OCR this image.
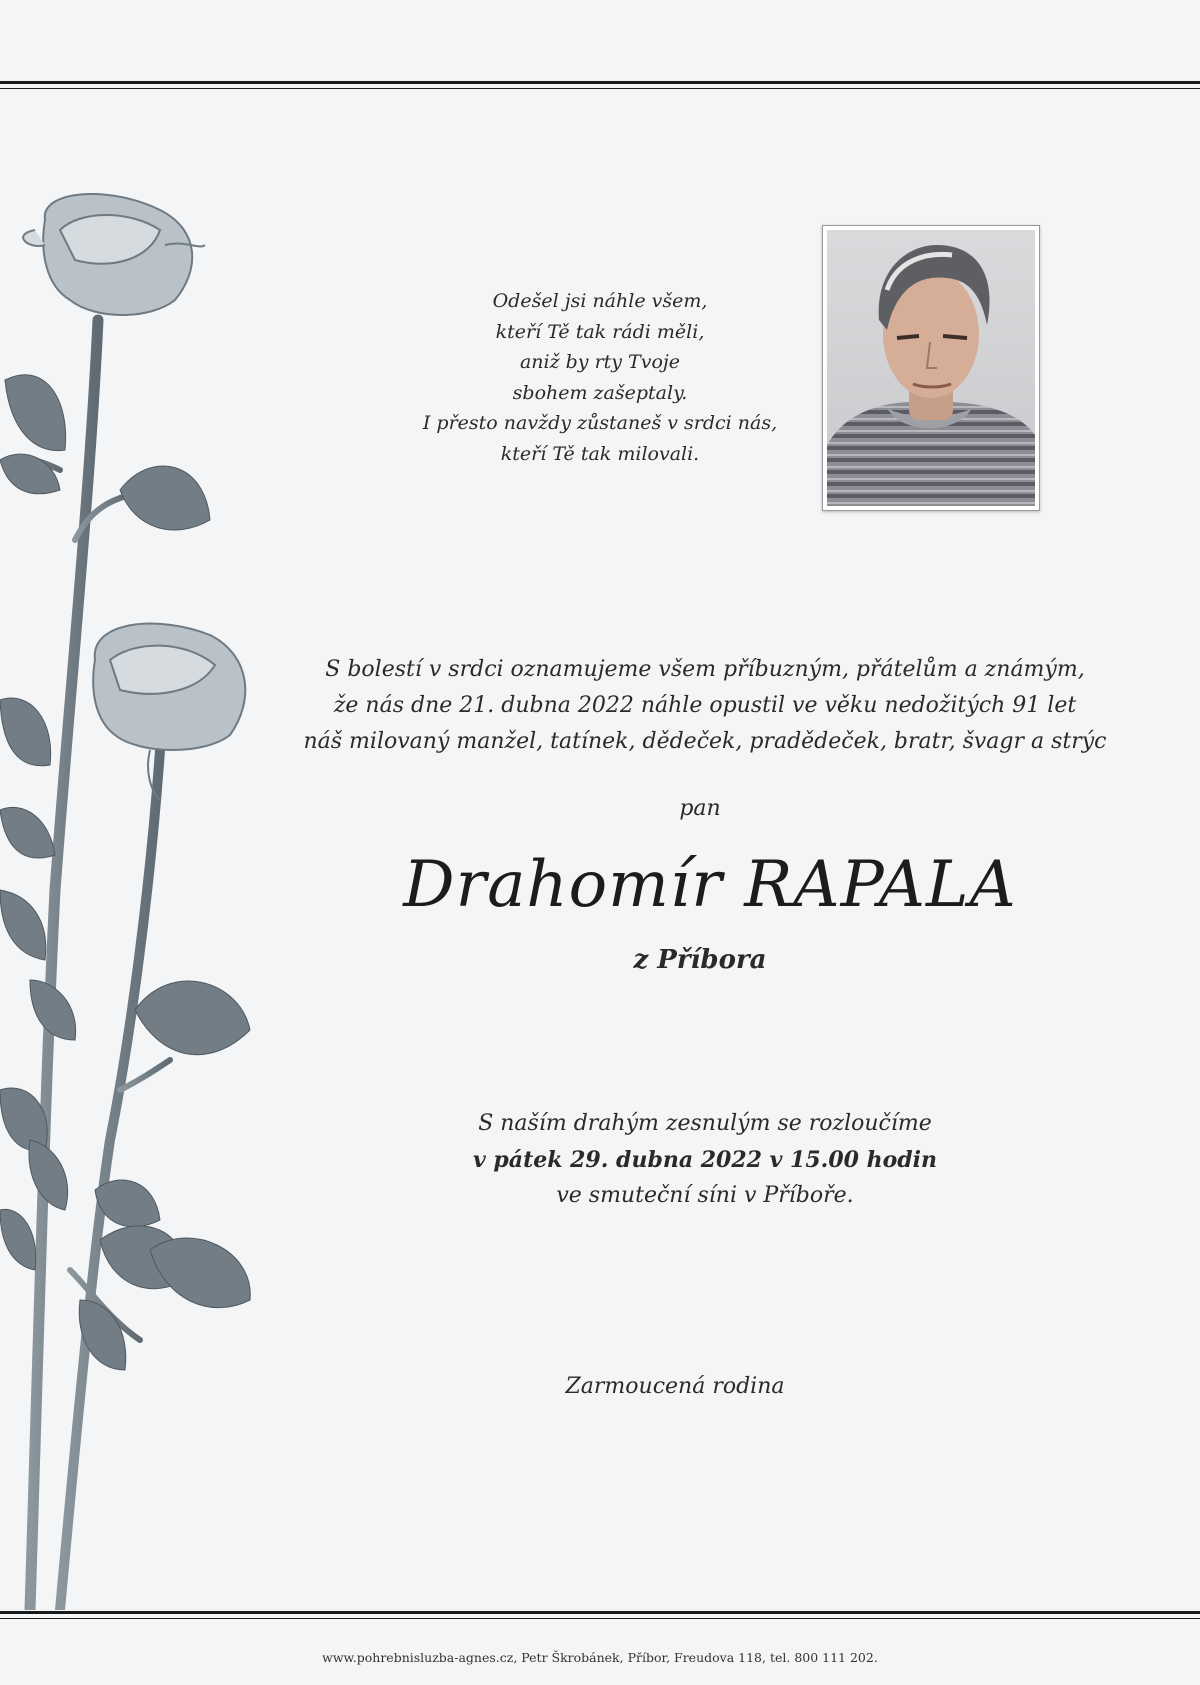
Odešel jsi náhle všem,
kteří Tě tak rádi měli,
aniž by rty Tvoje
sbohem zašeptaly.
I přesto navždy zůstaneš v srdci nás,
kteří Tě tak milovali.
S bolestí v srdci oznamujeme všem příbuzným, přátelům a známým,
že nás dne 21. dubna 2022 náhle opustil ve věku nedožitých 91 let
náš milovaný manžel, tatínek, dědeček, pradědeček, bratr, švagr a strýc
pan
Drahomír RAPALA
z Příbora
S naším drahým zesnulým se rozloučíme
v pátek 29. dubna 2022 v 15.00 hodin
ve smuteční síni v Příboře.
Zarmoucená rodina
www.pohrebnisluzba-agnes.cz, Petr Škrobánek, Příbor, Freudova 118, tel. 800 111 202.
